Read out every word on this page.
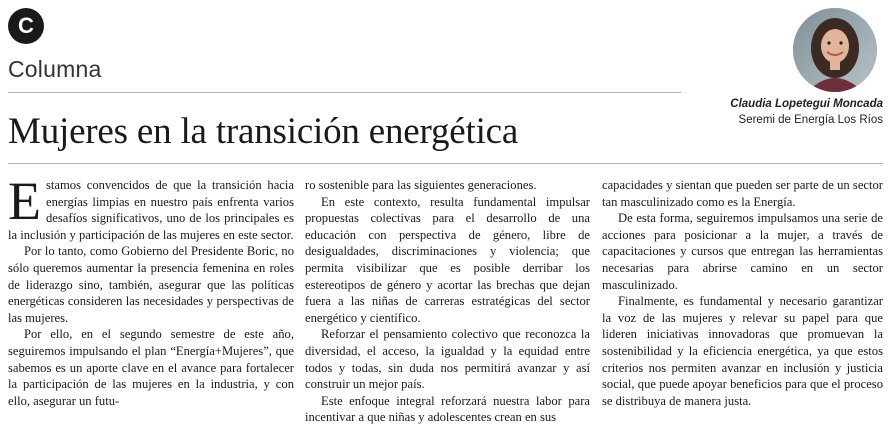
C
Columna
Claudia Lopetegui Moncada
Seremi de Energía Los Ríos
Mujeres en la transición energética

Estamos convencidos de que la transición hacia energías limpias en nuestro país enfrenta varios desafíos significativos, uno de los principales es la inclusión y participación de las mujeres en este sector.

Por lo tanto, como Gobierno del Presidente Boric, no sólo queremos aumentar la presencia femenina en roles de liderazgo sino, también, asegurar que las políticas energéticas consideren las necesidades y perspectivas de las mujeres.

Por ello, en el segundo semestre de este año, seguiremos impulsando el plan “Energía+Mujeres”, que sabemos es un aporte clave en el avance para fortalecer la participación de las mujeres en la industria, y con ello, asegurar un futu-

ro sostenible para las siguientes generaciones.

En este contexto, resulta fundamental impulsar propuestas colectivas para el desarrollo de una educación con perspectiva de género, libre de desigualdades, discriminaciones y violencia; que permita visibilizar que es posible derribar los estereotipos de género y acortar las brechas que dejan fuera a las niñas de carreras estratégicas del sector energético y científico.

Reforzar el pensamiento colectivo que reconozca la diversidad, el acceso, la igualdad y la equidad entre todos y todas, sin duda nos permitirá avanzar y así construir un mejor país.

Este enfoque integral reforzará nuestra labor para incentivar a que niñas y adolescentes crean en sus

capacidades y sientan que pueden ser parte de un sector tan masculinizado como es la Energía.

De esta forma, seguiremos impulsamos una serie de acciones para posicionar a la mujer, a través de capacitaciones y cursos que entregan las herramientas necesarias para abrirse camino en un sector masculinizado.

Finalmente, es fundamental y necesario garantizar la voz de las mujeres y relevar su papel para que lideren iniciativas innovadoras que promuevan la sostenibilidad y la eficiencia energética, ya que estos criterios nos permiten avanzar en inclusión y justicia social, que puede apoyar beneficios para que el proceso se distribuya de manera justa.
